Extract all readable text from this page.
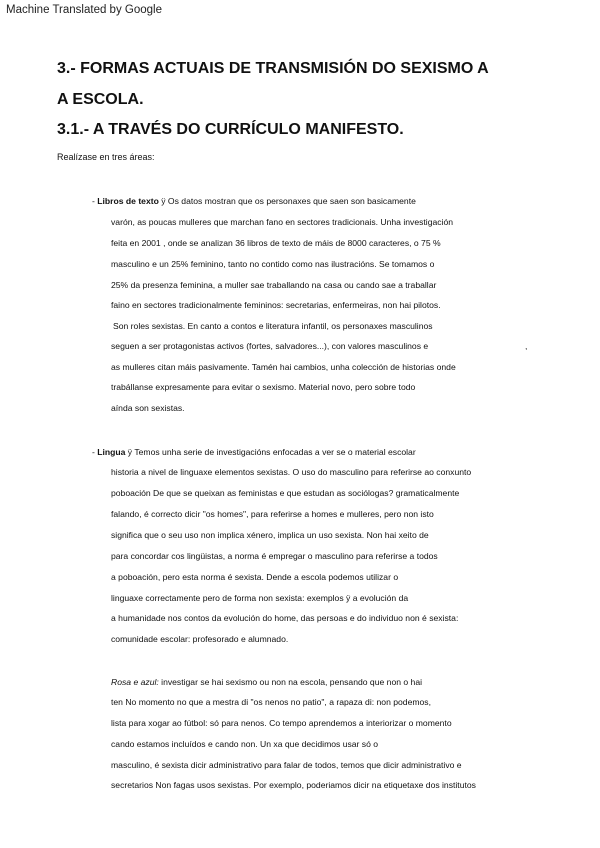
Machine Translated by Google
3.- FORMAS ACTUAIS DE TRANSMISIÓN DO SEXISMO A
A ESCOLA.
3.1.- A TRAVÉS DO CURRÍCULO MANIFESTO.
Realízase en tres áreas:
- Libros de texto ÿ Os datos mostran que os personaxes que saen son basicamente
varón, as poucas mulleres que marchan fano en sectores tradicionais. Unha investigación
feita en 2001 , onde se analizan 36 libros de texto de máis de 8000 caracteres, o 75 %
masculino e un 25% feminino, tanto no contido como nas ilustracións. Se tomamos o
25% da presenza feminina, a muller sae traballando na casa ou cando sae a traballar
faino en sectores tradicionalmente femininos: secretarias, enfermeiras, non hai pilotos.
Son roles sexistas. En canto a contos e literatura infantil, os personaxes masculinos
seguen a ser protagonistas activos (fortes, salvadores...), con valores masculinos e
as mulleres citan máis pasivamente. Tamén hai cambios, unha colección de historias onde
trabállanse expresamente para evitar o sexismo. Material novo, pero sobre todo
aínda son sexistas.
,
- Lingua ÿ Temos unha serie de investigacións enfocadas a ver se o material escolar
historia a nivel de linguaxe elementos sexistas. O uso do masculino para referirse ao conxunto
poboación De que se queixan as feministas e que estudan as sociólogas? gramaticalmente
falando, é correcto dicir "os homes", para referirse a homes e mulleres, pero non isto
significa que o seu uso non implica xénero, implica un uso sexista. Non hai xeito de
para concordar cos lingüistas, a norma é empregar o masculino para referirse a todos
a poboación, pero esta norma é sexista. Dende a escola podemos utilizar o
linguaxe correctamente pero de forma non sexista: exemplos ÿ a evolución da
a humanidade nos contos da evolución do home, das persoas e do individuo non é sexista:
comunidade escolar: profesorado e alumnado.
Rosa e azul: investigar se hai sexismo ou non na escola, pensando que non o hai
ten No momento no que a mestra di "os nenos no patio", a rapaza di: non podemos,
lista para xogar ao fútbol: só para nenos. Co tempo aprendemos a interiorizar o momento
cando estamos incluídos e cando non. Un xa que decidimos usar só o
masculino, é sexista dicir administrativo para falar de todos, temos que dicir administrativo e
secretarios Non fagas usos sexistas. Por exemplo, poderiamos dicir na etiquetaxe dos institutos
